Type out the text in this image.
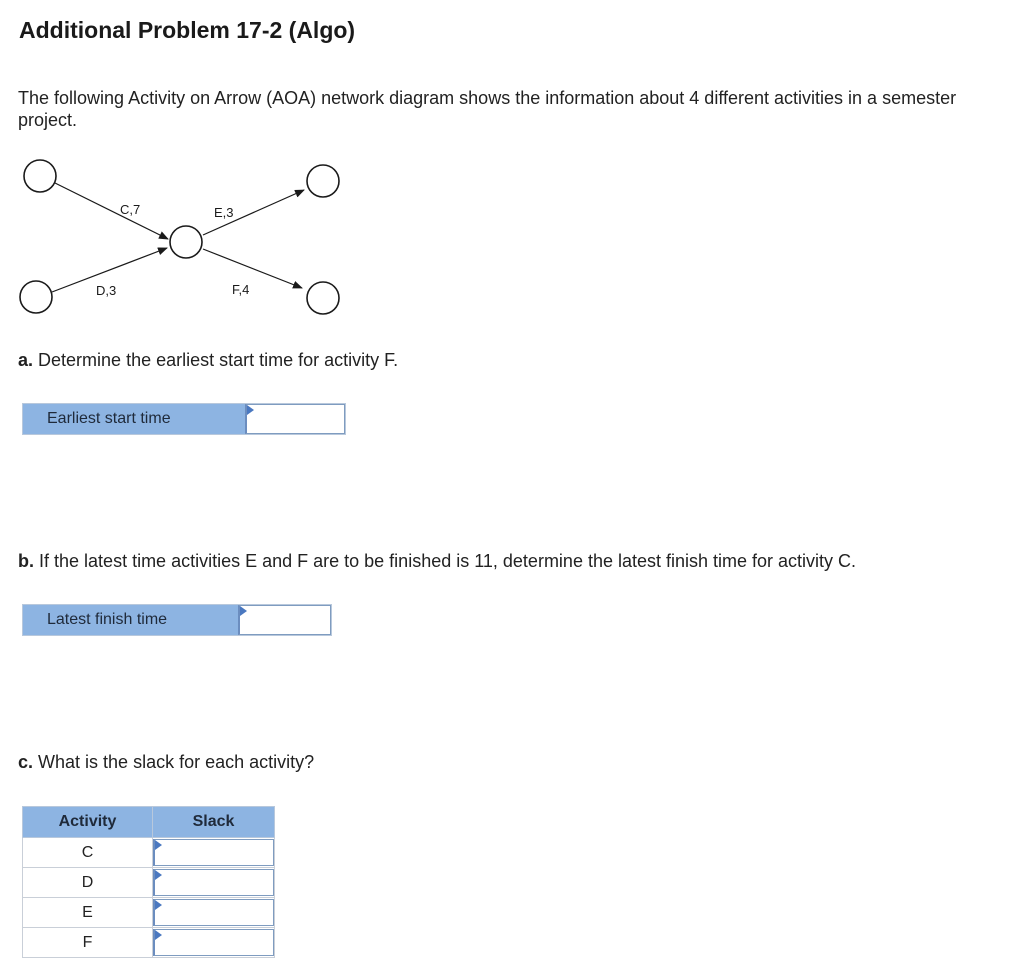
Additional Problem 17-2 (Algo)

The following Activity on Arrow (AOA) network diagram shows the information about 4 different activities in a semester project.

C,7
D,3
E,3
F,4

a. Determine the earliest start time for activity F.

Earliest start time

b. If the latest time activities E and F are to be finished is 11, determine the latest finish time for activity C.

Latest finish time

c. What is the slack for each activity?

Activity	Slack
C	

D	

E	

F	
